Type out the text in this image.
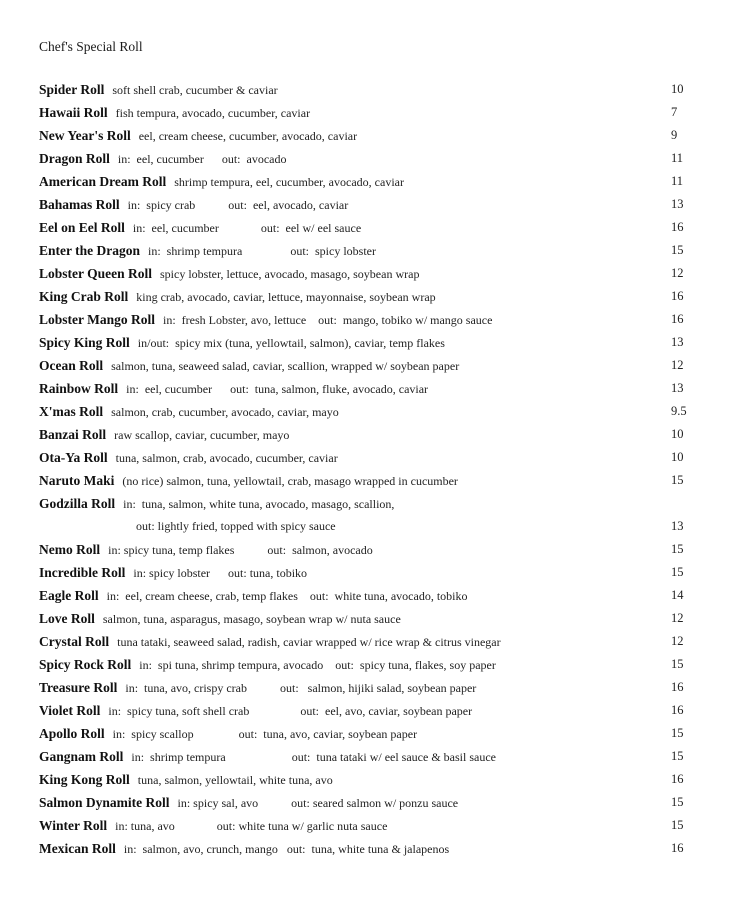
Chef's Special Roll
Spider Roll soft shell crab, cucumber & caviar	10
Hawaii Roll fish tempura, avocado, cucumber, caviar	7
New Year's Roll eel, cream cheese, cucumber, avocado, caviar	9
Dragon Roll in:  eel, cucumber      out:  avocado	11
American Dream Roll shrimp tempura, eel, cucumber, avocado, caviar	11
Bahamas Roll in:  spicy crab           out:  eel, avocado, caviar	13
Eel on Eel Roll in:  eel, cucumber              out:  eel w/ eel sauce	16
Enter the Dragon in:  shrimp tempura                out:  spicy lobster	15
Lobster Queen Roll spicy lobster, lettuce, avocado, masago, soybean wrap	12
King Crab Roll king crab, avocado, caviar, lettuce, mayonnaise, soybean wrap	16
Lobster Mango Roll in:  fresh Lobster, avo, lettuce    out:  mango, tobiko w/ mango sauce	16
Spicy King Roll in/out:  spicy mix (tuna, yellowtail, salmon), caviar, temp flakes	13
Ocean Roll salmon, tuna, seaweed salad, caviar, scallion, wrapped w/ soybean paper	12
Rainbow Roll in:  eel, cucumber      out:  tuna, salmon, fluke, avocado, caviar	13
X'mas Roll salmon, crab, cucumber, avocado, caviar, mayo	9.5
Banzai Roll raw scallop, caviar, cucumber, mayo	10
Ota-Ya Roll tuna, salmon, crab, avocado, cucumber, caviar	10
Naruto Maki (no rice) salmon, tuna, yellowtail, crab, masago wrapped in cucumber	15
Godzilla Roll in:  tuna, salmon, white tuna, avocado, masago, scallion,
out: lightly fried, topped with spicy sauce	13
Nemo Roll in: spicy tuna, temp flakes           out:  salmon, avocado	15
Incredible Roll in: spicy lobster      out: tuna, tobiko	15
Eagle Roll in:  eel, cream cheese, crab, temp flakes    out:  white tuna, avocado, tobiko	14
Love Roll salmon, tuna, asparagus, masago, soybean wrap w/ nuta sauce	12
Crystal Roll tuna tataki, seaweed salad, radish, caviar wrapped w/ rice wrap & citrus vinegar	12
Spicy Rock Roll in:  spi tuna, shrimp tempura, avocado    out:  spicy tuna, flakes, soy paper	15
Treasure Roll in:  tuna, avo, crispy crab           out:   salmon, hijiki salad, soybean paper	16
Violet Roll in:  spicy tuna, soft shell crab                 out:  eel, avo, caviar, soybean paper	16
Apollo Roll in:  spicy scallop               out:  tuna, avo, caviar, soybean paper	15
Gangnam Roll in:  shrimp tempura                      out:  tuna tataki w/ eel sauce & basil sauce	15
King Kong Roll tuna, salmon, yellowtail, white tuna, avo	16
Salmon Dynamite Roll in: spicy sal, avo           out: seared salmon w/ ponzu sauce	15
Winter Roll in: tuna, avo              out: white tuna w/ garlic nuta sauce	15
Mexican Roll in:  salmon, avo, crunch, mango   out:  tuna, white tuna & jalapenos	16
